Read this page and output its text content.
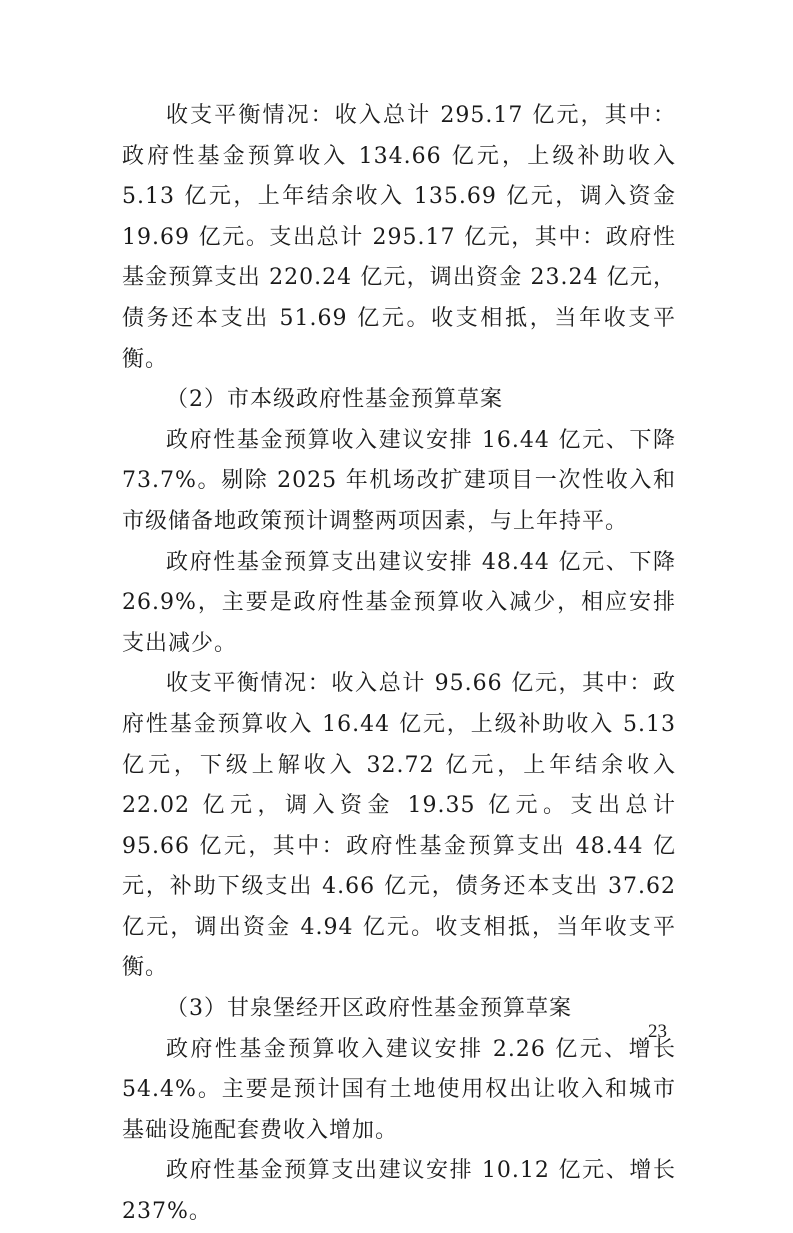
收支平衡情况：收入总计 295.17 亿元，其中：政府性基金预算收入 134.66 亿元，上级补助收入 5.13 亿元，上年结余收入 135.69 亿元，调入资金 19.69 亿元。支出总计 295.17 亿元，其中：政府性基金预算支出 220.24 亿元，调出资金 23.24 亿元，债务还本支出 51.69 亿元。收支相抵，当年收支平衡。

（2）市本级政府性基金预算草案

政府性基金预算收入建议安排 16.44 亿元、下降 73.7%。剔除 2025 年机场改扩建项目一次性收入和市级储备地政策预计调整两项因素，与上年持平。

政府性基金预算支出建议安排 48.44 亿元、下降 26.9%，主要是政府性基金预算收入减少，相应安排支出减少。

收支平衡情况：收入总计 95.66 亿元，其中：政府性基金预算收入 16.44 亿元，上级补助收入 5.13 亿元，下级上解收入 32.72 亿元，上年结余收入 22.02 亿元，调入资金 19.35 亿元。支出总计 95.66 亿元，其中：政府性基金预算支出 48.44 亿元，补助下级支出 4.66 亿元，债务还本支出 37.62 亿元，调出资金 4.94 亿元。收支相抵，当年收支平衡。

（3）甘泉堡经开区政府性基金预算草案

政府性基金预算收入建议安排 2.26 亿元、增长 54.4%。主要是预计国有土地使用权出让收入和城市基础设施配套费收入增加。

政府性基金预算支出建议安排 10.12 亿元、增长 237%。

23
